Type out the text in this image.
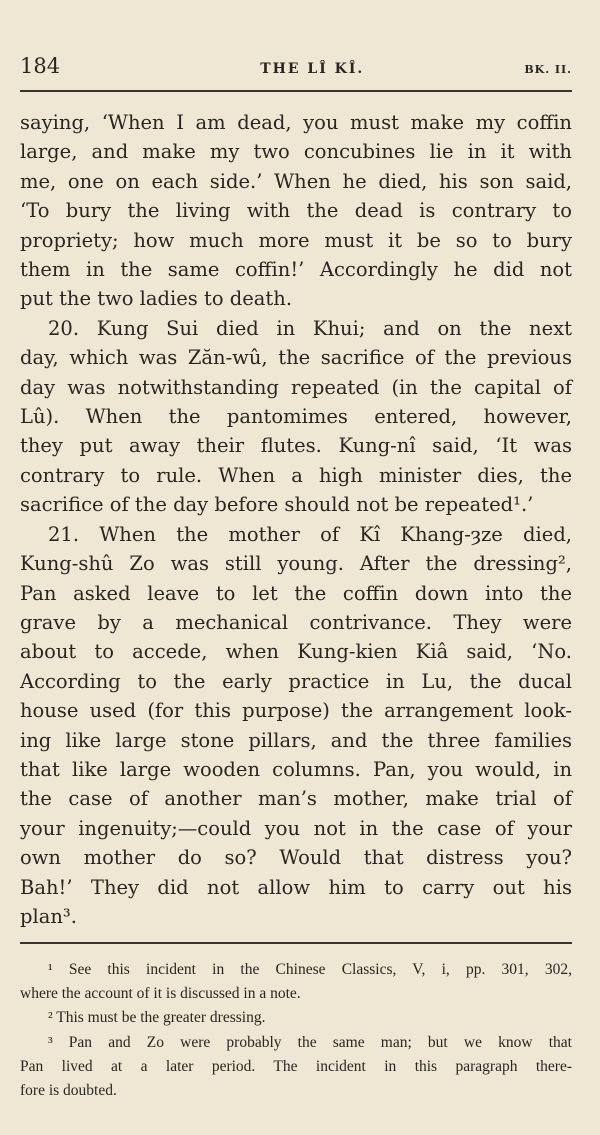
184	THE LÎ KÎ.	BK. II.

saying, ‘When I am dead, you must make my coffin
large, and make my two concubines lie in it with
me, one on each side.’ When he died, his son said,
‘To bury the living with the dead is contrary to
propriety; how much more must it be so to bury
them in the same coffin!’ Accordingly he did not
put the two ladies to death.

20. Kung Sui died in Khui; and on the next
day, which was Zăn-wû, the sacrifice of the previous
day was notwithstanding repeated (in the capital of
Lû). When the pantomimes entered, however,
they put away their flutes. Kung-nî said, ‘It was
contrary to rule. When a high minister dies, the
sacrifice of the day before should not be repeated¹.’

21. When the mother of Kî Khang-ȝze died,
Kung-shû Zo was still young. After the dressing²,
Pan asked leave to let the coffin down into the
grave by a mechanical contrivance. They were
about to accede, when Kung-kien Kiâ said, ‘No.
According to the early practice in Lu, the ducal
house used (for this purpose) the arrangement look-
ing like large stone pillars, and the three families
that like large wooden columns. Pan, you would, in
the case of another man’s mother, make trial of
your ingenuity;—could you not in the case of your
own mother do so? Would that distress you?
Bah!’ They did not allow him to carry out his
plan³.

¹ See this incident in the Chinese Classics, V, i, pp. 301, 302,
where the account of it is discussed in a note.
² This must be the greater dressing.
³ Pan and Zo were probably the same man; but we know that
Pan lived at a later period. The incident in this paragraph there-
fore is doubted.
